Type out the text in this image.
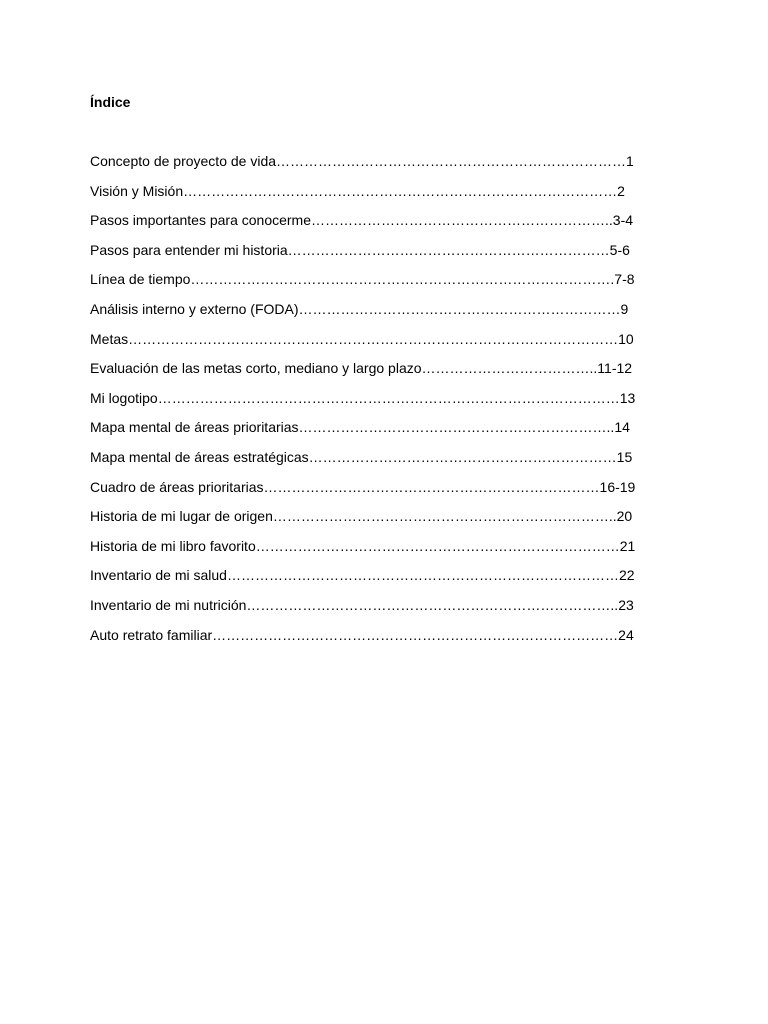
Índice
Concepto de proyecto de vida…………………………………………………………………1
Visión y Misión…………………………………………………………………………………2
Pasos importantes para conocerme………………………………………………………..3-4
Pasos para entender mi historia……………………………………………………………5-6
Línea de tiempo……………………………………………………………………………….7-8
Análisis interno y externo (FODA)……………………………………………………………9
Metas……………………………………………………………………………………………10
Evaluación de las metas corto, mediano y largo plazo………………………………..11-12
Mi logotipo………………………………………………………………………………………13
Mapa mental de áreas prioritarias…………………………………………………………..14
Mapa mental de áreas estratégicas…………………………………………………………15
Cuadro de áreas prioritarias………………………………………………………………16-19
Historia de mi lugar de origen………………………………………………………………..20
Historia de mi libro favorito……………………………………………………………………21
Inventario de mi salud…………………………………………………………………………22
Inventario de mi nutrición……………………………………………………………………..23
Auto retrato familiar……………………………………………………………………………24
